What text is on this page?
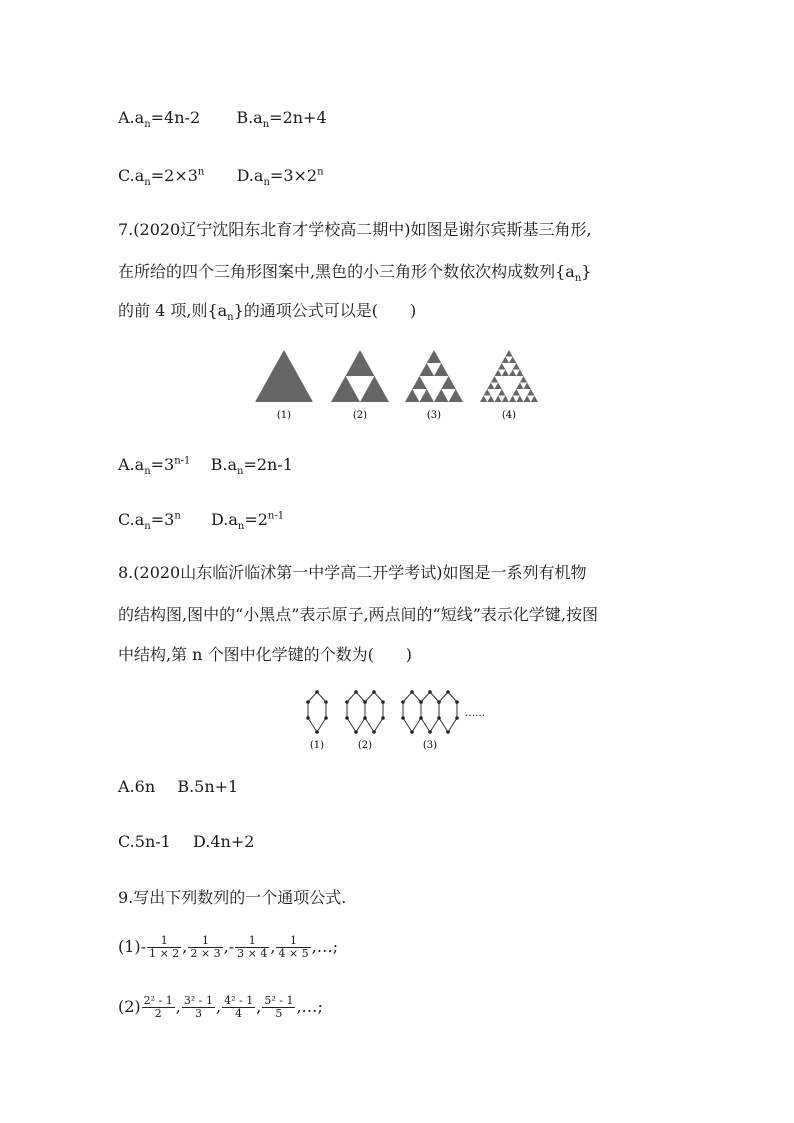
$A.a_n=4n-2$ $B.a_n=2n+4$
$C.a_n=2\times 3^n$ $D.a_n=3\times 2^n$
7.(2020辽宁沈阳东北育才学校高二期中)如图是谢尔宾斯基三角形,
在所给的四个三角形图案中,黑色的小三角形个数依次构成数列$\{a_n\}$
的前 4 项,则$\{a_n\}$的通项公式可以是(　　)
(1)	(2)	(3)	(4)
$A.a_n=3^{n-1}$ $B.a_n=2n-1$
$C.a_n=3^n$ $D.a_n=2^{n-1}$
8.(2020山东临沂临沭第一中学高二开学考试)如图是一系列有机物
的结构图,图中的“小黑点”表示原子,两点间的“短线”表示化学键,按图
中结构,第 n 个图中化学键的个数为(　　)
……
(1)	(2)	(3)
A.6n B.5n+1
C.5n-1 D.4n+2
9.写出下列数列的一个通项公式.
$(1)- \frac{1}{1 \times 2}$ , $\frac{1}{2 \times 3}$ ,- $\frac{1}{3 \times 4}$ , $\frac{1}{4 \times 5}$ ,…;
$(2) \frac{\text{2² - 1}}{2}$ , $\frac{\text{3² - 1}}{3}$ , $\frac{\text{4² - 1}}{4}$ , $\frac{\text{5² - 1}}{5}$ ,…;
